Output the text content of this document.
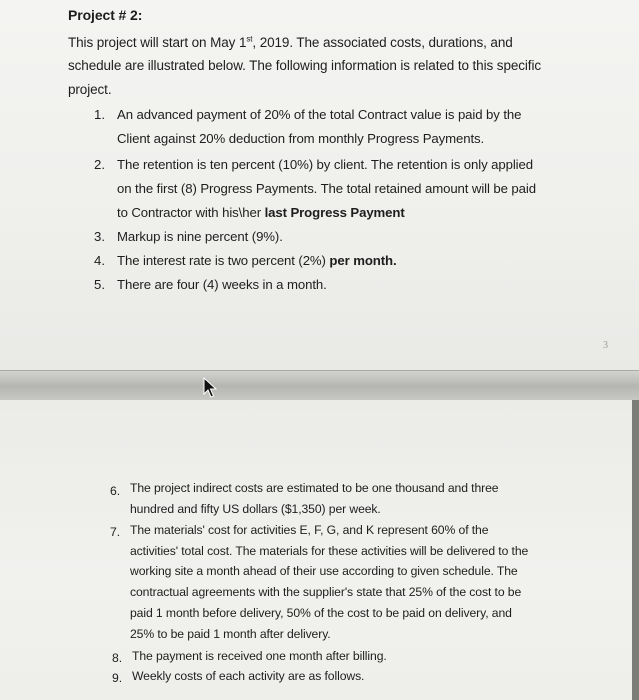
Project # 2:
This project will start on May 1st, 2019. The associated costs, durations, and
schedule are illustrated below. The following information is related to this specific
project.
1. An advanced payment of 20% of the total Contract value is paid by the
Client against 20% deduction from monthly Progress Payments.
2. The retention is ten percent (10%) by client. The retention is only applied
on the first (8) Progress Payments. The total retained amount will be paid
to Contractor with his\her last Progress Payment
3. Markup is nine percent (9%).
4. The interest rate is two percent (2%) per month.
5. There are four (4) weeks in a month.
3
6. The project indirect costs are estimated to be one thousand and three
hundred and fifty US dollars ($1,350) per week.
7. The materials' cost for activities E, F, G, and K represent 60% of the
activities' total cost. The materials for these activities will be delivered to the
working site a month ahead of their use according to given schedule. The
contractual agreements with the supplier's state that 25% of the cost to be
paid 1 month before delivery, 50% of the cost to be paid on delivery, and
25% to be paid 1 month after delivery.
8. The payment is received one month after billing.
9. Weekly costs of each activity are as follows.
